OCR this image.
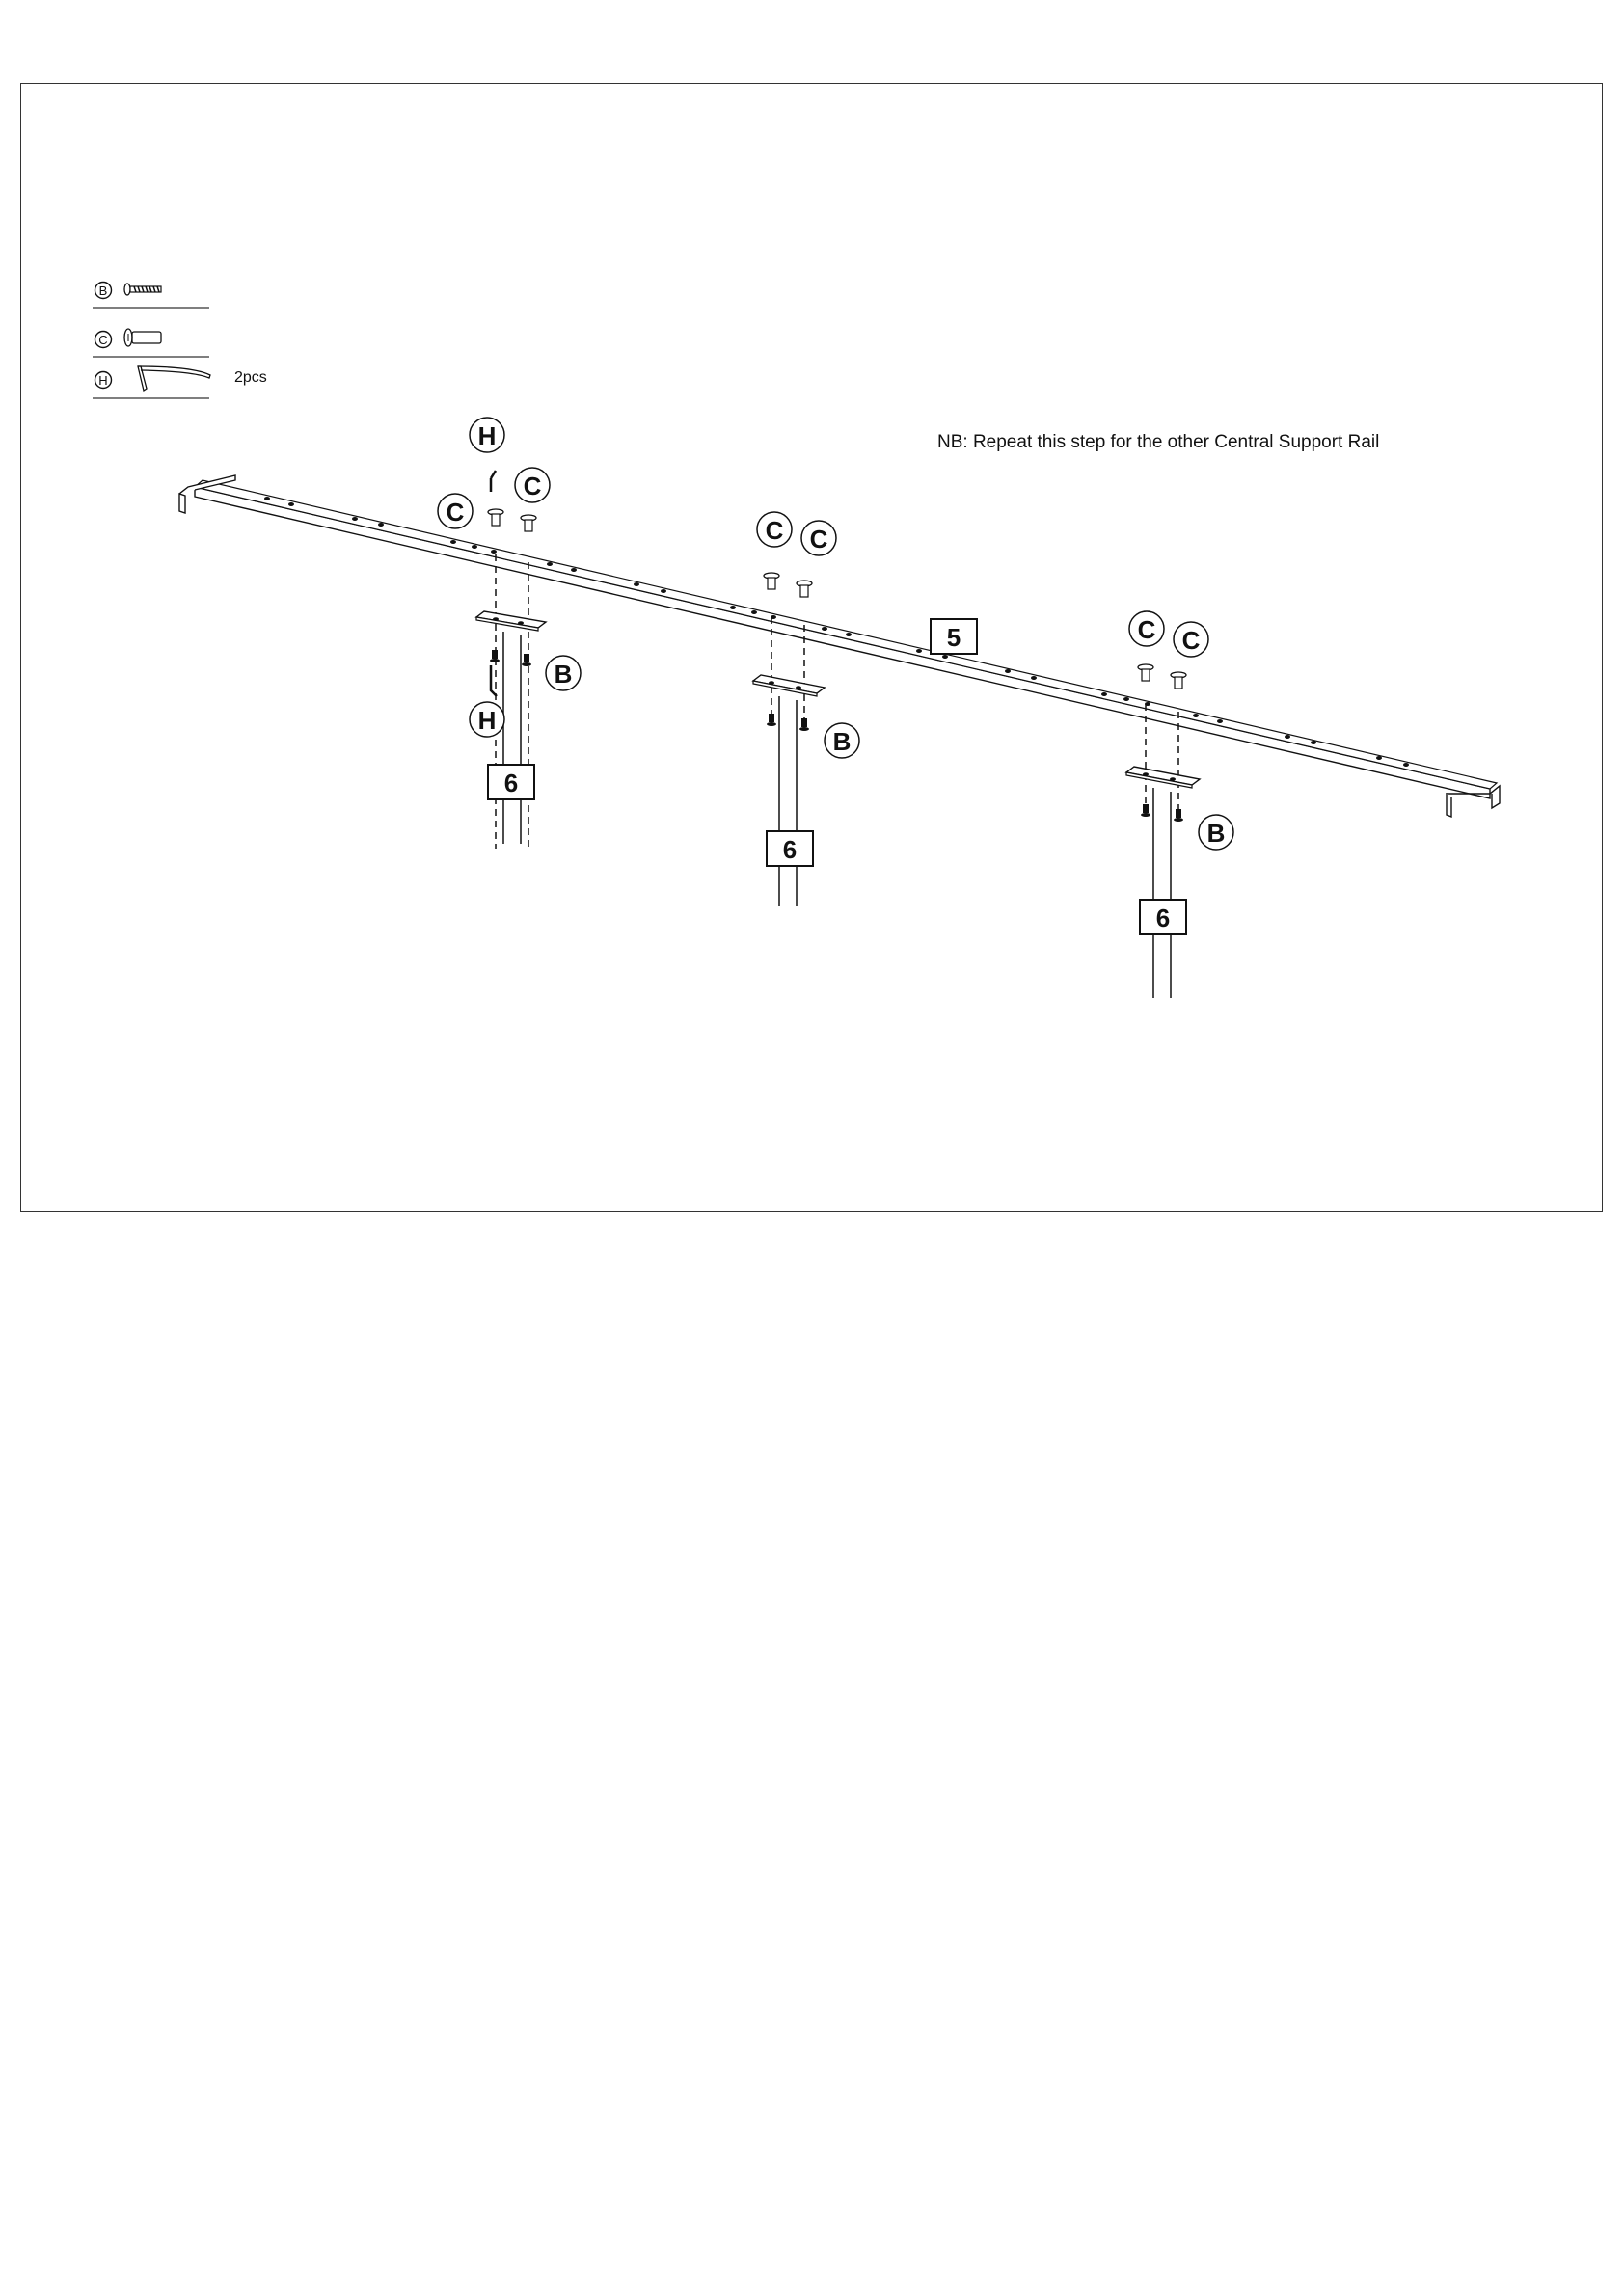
B
C
H
5
6
6
6
H
C
C
B
H
C C
B
C C
B
NB: Repeat this step for the other Central Support Rail
2pcs
